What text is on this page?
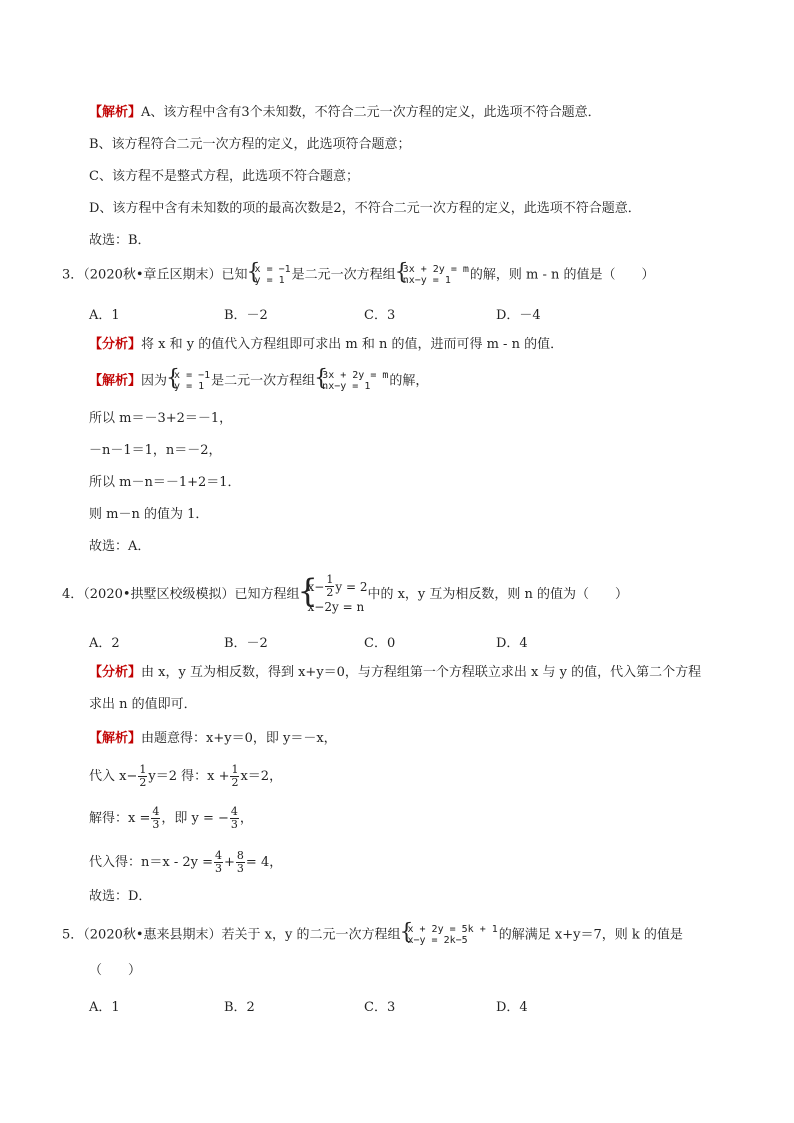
【解析】A、该方程中含有3个未知数，不符合二元一次方程的定义，此选项不符合题意．
B、该方程符合二元一次方程的定义，此选项符合题意；
C、该方程不是整式方程，此选项不符合题意；
D、该方程中含有未知数的项的最高次数是2，不符合二元一次方程的定义，此选项不符合题意．
故选：B．
3．（2020秋•章丘区期末）已知 { x = −1
y = 1 是二元一次方程组 { 3x + 2y = m
nx−y = 1	的解，则 m - n 的值是（　　）
A．1	B．－2	C．3	D．－4
【分析】将 x 和 y 的值代入方程组即可求出 m 和 n 的值，进而可得 m - n 的值．
【解析】因为 { x = −1
y = 1 是二元一次方程组 { 3x + 2y = m
nx−y = 1	的解，
所以 m＝－3+2＝－1，
－n－1＝1，n＝－2，
所以 m－n＝－1+2＝1．
则 m－n 的值为 1．
故选：A．
4．（2020•拱墅区校级模拟）已知方程组
{ $x- \frac{1}{2}$ y = 2
x−2y = n
中的 x，y 互为相反数，则 n 的值为（　　）
A．2	B．－2	C．0	D．4
【分析】由 x，y 互为相反数，得到 x+y＝0，与方程组第一个方程联立求出 x 与 y 的值，代入第二个方程
求出 n 的值即可．
【解析】由题意得：x+y＝0，即 y＝－x，
代入 $x- \frac{1}{2} y=2$ 得：$x + \frac{1}{2} x=2$，
解得：$x = \frac{4}{3}$ ，即 y = − $\frac{4}{3}$ ，
代入得：$n=x - 2y = \frac{4}{3} + \frac{8}{3} = 4$，
故选：D．
5．（2020秋•惠来县期末）若关于 x，y 的二元一次方程组 { x + 2y = 5k + 1
x−y = 2k−5	的解满足 x+y＝7，则 k 的值是
（　　）
A．1	B．2	C．3	D．4
